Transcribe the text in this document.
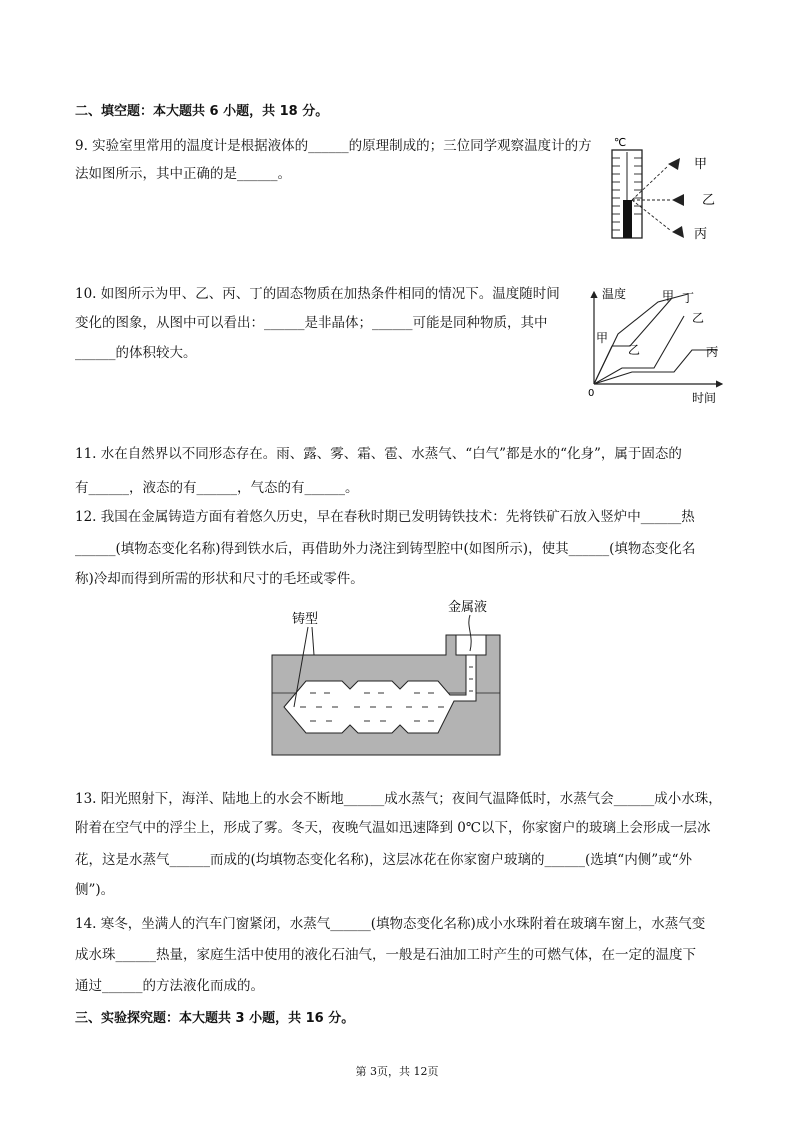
二、填空题：本大题共 6 小题，共 18 分。
9. 实验室里常用的温度计是根据液体的______的原理制成的；三位同学观察温度计的方
法如图所示，其中正确的是______。
℃
甲
乙
丙
10. 如图所示为甲、乙、丙、丁的固态物质在加热条件相同的情况下。温度随时间
变化的图象，从图中可以看出：______是非晶体；______可能是同种物质，其中
______的体积较大。
温度
时间
0
甲 丁
乙
甲
乙	丙
11. 水在自然界以不同形态存在。雨、露、雾、霜、雹、水蒸气、“白气”都是水的“化身”，属于固态的
有______，液态的有______，气态的有______。
12. 我国在金属铸造方面有着悠久历史，早在春秋时期已发明铸铁技术：先将铁矿石放入竖炉中______热
______(填物态变化名称)得到铁水后，再借助外力浇注到铸型腔中(如图所示)，使其______(填物态变化名
称)冷却而得到所需的形状和尺寸的毛坯或零件。
铸型
金属液
13. 阳光照射下，海洋、陆地上的水会不断地______成水蒸气；夜间气温降低时，水蒸气会______成小水珠，
附着在空气中的浮尘上，形成了雾。冬天，夜晚气温如迅速降到 0℃以下，你家窗户的玻璃上会形成一层冰
花，这是水蒸气______而成的(均填物态变化名称)，这层冰花在你家窗户玻璃的______(选填“内侧”或“外
侧”)。
14. 寒冬，坐满人的汽车门窗紧闭，水蒸气______(填物态变化名称)成小水珠附着在玻璃车窗上，水蒸气变
成水珠______热量，家庭生活中使用的液化石油气，一般是石油加工时产生的可燃气体，在一定的温度下
通过______的方法液化而成的。
三、实验探究题：本大题共 3 小题，共 16 分。
第 3页，共 12页
